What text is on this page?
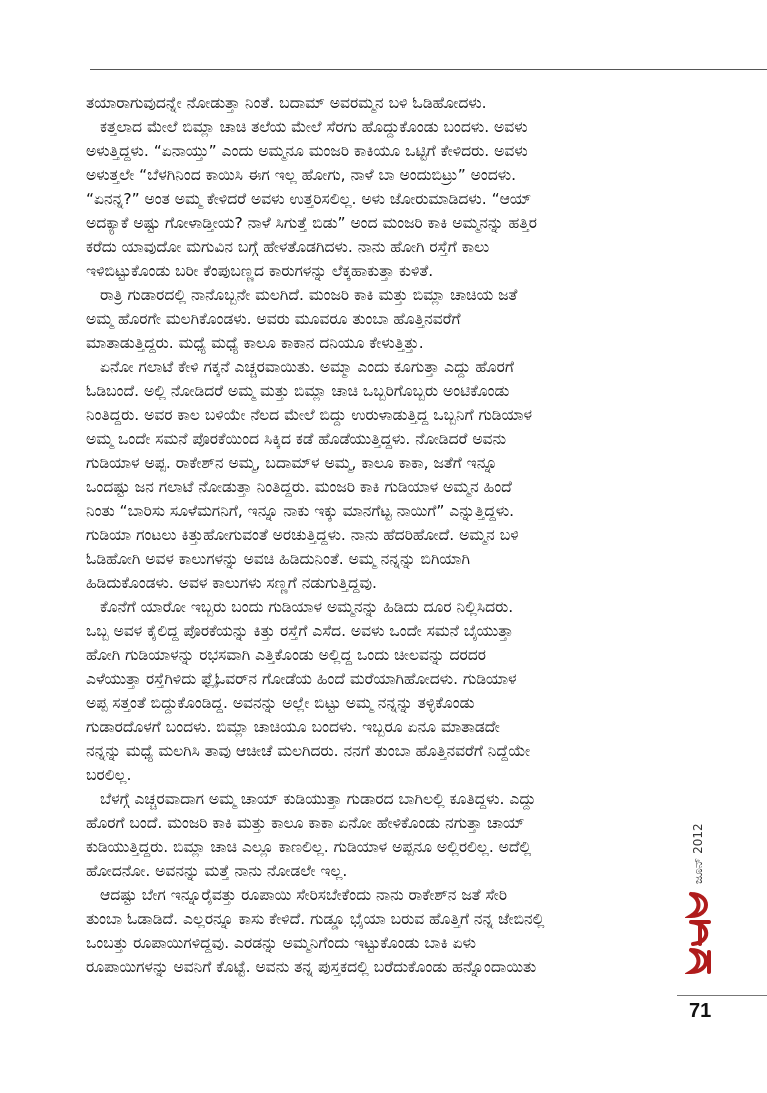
ತಯಾರಾಗುವುದನ್ನೇ ನೋಡುತ್ತಾ ನಿಂತೆ. ಬದಾಮ್ ಅವರಮ್ಮನ ಬಳಿ ಓಡಿಹೋದಳು.
ಕತ್ತಲಾದ ಮೇಲೆ ಬಿಮ್ಲಾ ಚಾಚಿ ತಲೆಯ ಮೇಲೆ ಸೆರಗು ಹೊದ್ದುಕೊಂಡು ಬಂದಳು. ಅವಳು
ಅಳುತ್ತಿದ್ದಳು. “ಏನಾಯ್ತು” ಎಂದು ಅಮ್ಮನೂ ಮಂಜರಿ ಕಾಕಿಯೂ ಒಟ್ಟಿಗೆ ಕೇಳಿದರು. ಅವಳು
ಅಳುತ್ತಲೇ “ಬೆಳಗಿನಿಂದ ಕಾಯಿಸಿ ಈಗ ಇಲ್ಲ ಹೋಗು, ನಾಳೆ ಬಾ ಅಂದುಬಿಟ್ರು” ಅಂದಳು.
“ಏನನ್ನ?” ಅಂತ ಅಮ್ಮ ಕೇಳಿದರೆ ಅವಳು ಉತ್ತರಿಸಲಿಲ್ಲ. ಅಳು ಜೋರುಮಾಡಿದಳು. “ಆಯ್
ಅದಕ್ಯಾಕೆ ಅಷ್ಟು ಗೋಳಾಡ್ತೀಯ? ನಾಳೆ ಸಿಗುತ್ತೆ ಬಿಡು” ಅಂದ ಮಂಜರಿ ಕಾಕಿ ಅಮ್ಮನನ್ನು ಹತ್ತಿರ
ಕರೆದು ಯಾವುದೋ ಮಗುವಿನ ಬಗ್ಗೆ ಹೇಳತೊಡಗಿದಳು. ನಾನು ಹೋಗಿ ರಸ್ತೆಗೆ ಕಾಲು
ಇಳಿಬಿಟ್ಟುಕೊಂಡು ಬರೀ ಕೆಂಪುಬಣ್ಣದ ಕಾರುಗಳನ್ನು ಲೆಕ್ಕಹಾಕುತ್ತಾ ಕುಳಿತೆ.
ರಾತ್ರಿ ಗುಡಾರದಲ್ಲಿ ನಾನೊಬ್ಬನೇ ಮಲಗಿದೆ. ಮಂಜರಿ ಕಾಕಿ ಮತ್ತು ಬಿಮ್ಲಾ ಚಾಚಿಯ ಜತೆ
ಅಮ್ಮ ಹೊರಗೇ ಮಲಗಿಕೊಂಡಳು. ಅವರು ಮೂವರೂ ತುಂಬಾ ಹೊತ್ತಿನವರೆಗೆ
ಮಾತಾಡುತ್ತಿದ್ದರು. ಮಧ್ಯೆ ಮಧ್ಯೆ ಕಾಲೂ ಕಾಕಾನ ದನಿಯೂ ಕೇಳುತ್ತಿತ್ತು.
ಏನೋ ಗಲಾಟೆ ಕೇಳಿ ಗಕ್ಕನೆ ಎಚ್ಚರವಾಯಿತು. ಅಮ್ಮಾ ಎಂದು ಕೂಗುತ್ತಾ ಎದ್ದು ಹೊರಗೆ
ಓಡಿಬಂದೆ. ಅಲ್ಲಿ ನೋಡಿದರೆ ಅಮ್ಮ ಮತ್ತು ಬಿಮ್ಲಾ ಚಾಚಿ ಒಬ್ಬರಿಗೊಬ್ಬರು ಅಂಟಿಕೊಂಡು
ನಿಂತಿದ್ದರು. ಅವರ ಕಾಲ ಬಳಿಯೇ ನೆಲದ ಮೇಲೆ ಬಿದ್ದು ಉರುಳಾಡುತ್ತಿದ್ದ ಒಬ್ಬನಿಗೆ ಗುಡಿಯಾಳ
ಅಮ್ಮ ಒಂದೇ ಸಮನೆ ಪೊರಕೆಯಿಂದ ಸಿಕ್ಕಿದ ಕಡೆ ಹೊಡೆಯುತ್ತಿದ್ದಳು. ನೋಡಿದರೆ ಅವನು
ಗುಡಿಯಾಳ ಅಪ್ಪ. ರಾಕೇಶ್‌ನ ಅಮ್ಮ, ಬದಾಮ್‌ಳ ಅಮ್ಮ, ಕಾಲೂ ಕಾಕಾ, ಜತೆಗೆ ಇನ್ನೂ
ಒಂದಷ್ಟು ಜನ ಗಲಾಟೆ ನೋಡುತ್ತಾ ನಿಂತಿದ್ದರು. ಮಂಜರಿ ಕಾಕಿ ಗುಡಿಯಾಳ ಅಮ್ಮನ ಹಿಂದೆ
ನಿಂತು “ಬಾರಿಸು ಸೂಳೆಮಗನಿಗೆ, ಇನ್ನೂ ನಾಕು ಇಕ್ಕು ಮಾನಗೆಟ್ಟ ನಾಯಿಗೆ” ಎನ್ನುತ್ತಿದ್ದಳು.
ಗುಡಿಯಾ ಗಂಟಲು ಕಿತ್ತುಹೋಗುವಂತೆ ಅರಚುತ್ತಿದ್ದಳು. ನಾನು ಹೆದರಿಹೋದೆ. ಅಮ್ಮನ ಬಳಿ
ಓಡಿಹೋಗಿ ಅವಳ ಕಾಲುಗಳನ್ನು ಅವಚಿ ಹಿಡಿದುನಿಂತೆ. ಅಮ್ಮ ನನ್ನನ್ನು ಬಿಗಿಯಾಗಿ
ಹಿಡಿದುಕೊಂಡಳು. ಅವಳ ಕಾಲುಗಳು ಸಣ್ಣಗೆ ನಡುಗುತ್ತಿದ್ದವು.
ಕೊನೆಗೆ ಯಾರೋ ಇಬ್ಬರು ಬಂದು ಗುಡಿಯಾಳ ಅಮ್ಮನನ್ನು ಹಿಡಿದು ದೂರ ನಿಲ್ಲಿಸಿದರು.
ಒಬ್ಬ ಅವಳ ಕೈಲಿದ್ದ ಪೊರಕೆಯನ್ನು ಕಿತ್ತು ರಸ್ತೆಗೆ ಎಸೆದ. ಅವಳು ಒಂದೇ ಸಮನೆ ಬೈಯುತ್ತಾ
ಹೋಗಿ ಗುಡಿಯಾಳನ್ನು ರಭಸವಾಗಿ ಎತ್ತಿಕೊಂಡು ಅಲ್ಲಿದ್ದ ಒಂದು ಚೀಲವನ್ನು ದರದರ
ಎಳೆಯುತ್ತಾ ರಸ್ತೆಗಿಳಿದು ಫ್ಲೈಓವರ್‌ನ ಗೋಡೆಯ ಹಿಂದೆ ಮರೆಯಾಗಿಹೋದಳು. ಗುಡಿಯಾಳ
ಅಪ್ಪ ಸತ್ತಂತೆ ಬಿದ್ದುಕೊಂಡಿದ್ದ. ಅವನನ್ನು ಅಲ್ಲೇ ಬಿಟ್ಟು ಅಮ್ಮ ನನ್ನನ್ನು ತಳ್ಳಿಕೊಂಡು
ಗುಡಾರದೊಳಗೆ ಬಂದಳು. ಬಿಮ್ಲಾ ಚಾಚಿಯೂ ಬಂದಳು. ಇಬ್ಬರೂ ಏನೂ ಮಾತಾಡದೇ
ನನ್ನನ್ನು ಮಧ್ಯೆ ಮಲಗಿಸಿ ತಾವು ಆಚೀಚೆ ಮಲಗಿದರು. ನನಗೆ ತುಂಬಾ ಹೊತ್ತಿನವರೆಗೆ ನಿದ್ದೆಯೇ
ಬರಲಿಲ್ಲ.
ಬೆಳಗ್ಗೆ ಎಚ್ಚರವಾದಾಗ ಅಮ್ಮ ಚಾಯ್ ಕುಡಿಯುತ್ತಾ ಗುಡಾರದ ಬಾಗಿಲಲ್ಲಿ ಕೂತಿದ್ದಳು. ಎದ್ದು
ಹೊರಗೆ ಬಂದೆ. ಮಂಜರಿ ಕಾಕಿ ಮತ್ತು ಕಾಲೂ ಕಾಕಾ ಏನೋ ಹೇಳಿಕೊಂಡು ನಗುತ್ತಾ ಚಾಯ್
ಕುಡಿಯುತ್ತಿದ್ದರು. ಬಿಮ್ಲಾ ಚಾಚಿ ಎಲ್ಲೂ ಕಾಣಲಿಲ್ಲ. ಗುಡಿಯಾಳ ಅಪ್ಪನೂ ಅಲ್ಲಿರಲಿಲ್ಲ. ಅದೆಲ್ಲಿ
ಹೋದನೋ. ಅವನನ್ನು ಮತ್ತೆ ನಾನು ನೋಡಲೇ ಇಲ್ಲ.
ಆದಷ್ಟು ಬೇಗ ಇನ್ನೂರೈವತ್ತು ರೂಪಾಯಿ ಸೇರಿಸಬೇಕೆಂದು ನಾನು ರಾಕೇಶ್‌ನ ಜತೆ ಸೇರಿ
ತುಂಬಾ ಓಡಾಡಿದೆ. ಎಲ್ಲರನ್ನೂ ಕಾಸು ಕೇಳಿದೆ. ಗುಡ್ಡೂ ಭೈಯಾ ಬರುವ ಹೊತ್ತಿಗೆ ನನ್ನ ಜೇಬಿನಲ್ಲಿ
ಒಂಬತ್ತು ರೂಪಾಯಿಗಳಿದ್ದವು. ಎರಡನ್ನು ಅಮ್ಮನಿಗೆಂದು ಇಟ್ಟುಕೊಂಡು ಬಾಕಿ ಏಳು
ರೂಪಾಯಿಗಳನ್ನು ಅವನಿಗೆ ಕೊಟ್ಟೆ. ಅವನು ತನ್ನ ಪುಸ್ತಕದಲ್ಲಿ ಬರೆದುಕೊಂಡು ಹನ್ನೊಂದಾಯಿತು
ಜೂನ್ 2012
71
